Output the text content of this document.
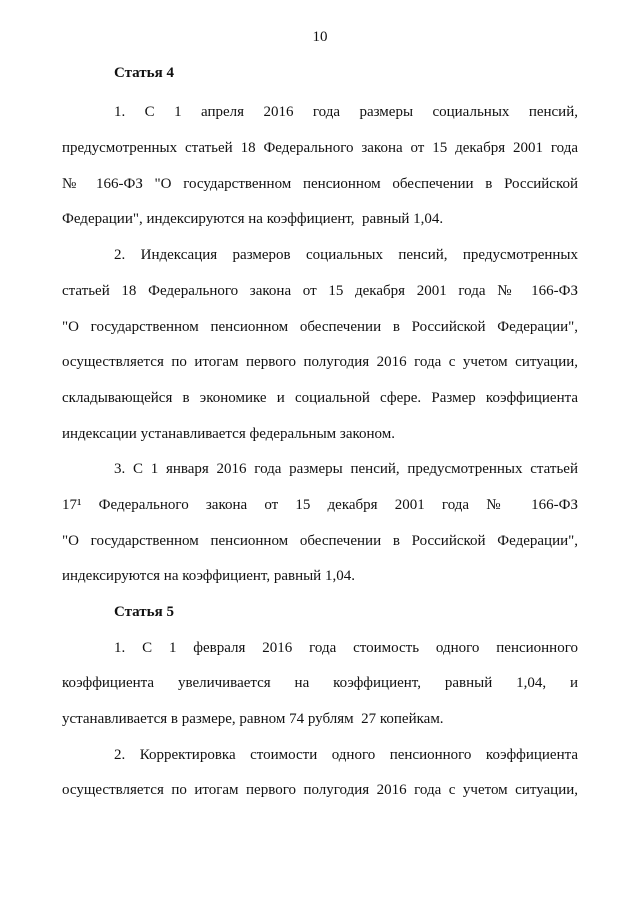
10
Статья 4
1. С 1 апреля 2016 года размеры социальных пенсий,
предусмотренных статьей 18 Федерального закона от 15 декабря 2001 года
№ 166-ФЗ "О государственном пенсионном обеспечении в Российской
Федерации", индексируются на коэффициент,  равный 1,04.
2. Индексация размеров социальных пенсий, предусмотренных
статьей 18 Федерального закона от 15 декабря 2001 года № 166-ФЗ
"О государственном пенсионном обеспечении в Российской Федерации",
осуществляется по итогам первого полугодия 2016 года с учетом ситуации,
складывающейся в экономике и социальной сфере. Размер коэффициента
индексации устанавливается федеральным законом.
3. С 1 января 2016 года размеры пенсий, предусмотренных статьей
17¹ Федерального закона от 15 декабря 2001 года № 166-ФЗ
"О государственном пенсионном обеспечении в Российской Федерации",
индексируются на коэффициент, равный 1,04.
Статья 5
1. С 1 февраля 2016 года стоимость одного пенсионного
коэффициента увеличивается на коэффициент, равный 1,04, и
устанавливается в размере, равном 74 рублям  27 копейкам.
2. Корректировка стоимости одного пенсионного коэффициента
осуществляется по итогам первого полугодия 2016 года с учетом ситуации,
